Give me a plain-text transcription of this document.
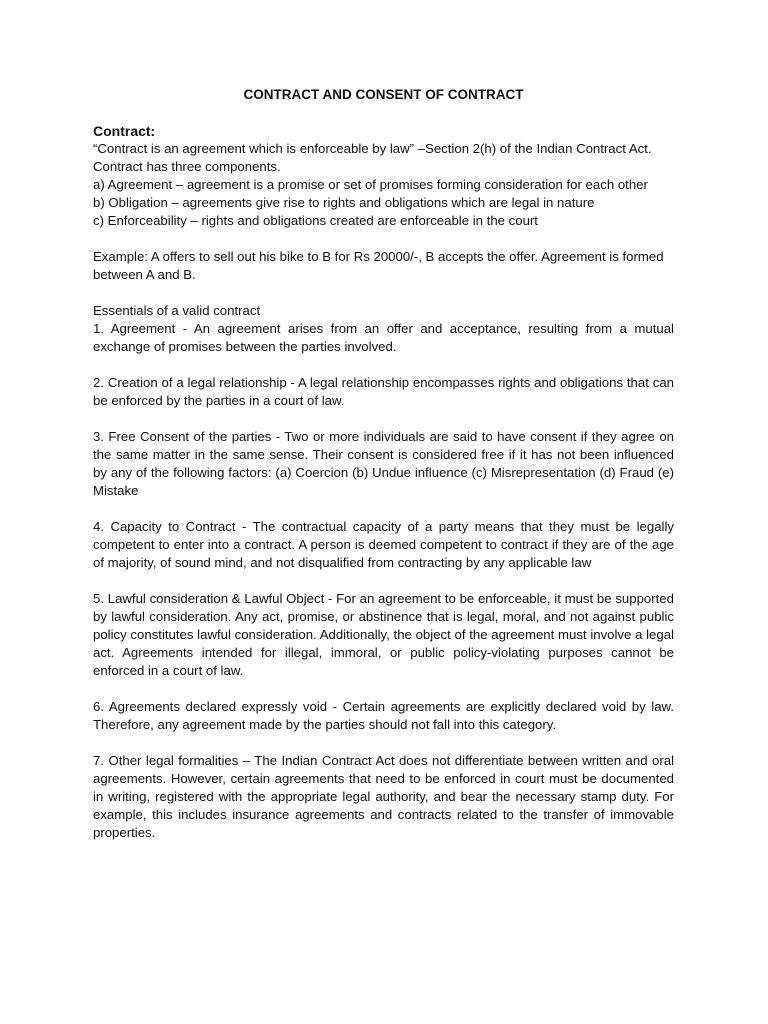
CONTRACT AND CONSENT OF CONTRACT

Contract:

“Contract is an agreement which is enforceable by law” –Section 2(h) of the Indian Contract Act.

Contract has three components.

a) Agreement – agreement is a promise or set of promises forming consideration for each other

b) Obligation – agreements give rise to rights and obligations which are legal in nature

c) Enforceability – rights and obligations created are enforceable in the court

Example: A offers to sell out his bike to B for Rs 20000/-, B accepts the offer. Agreement is formed between A and B.

Essentials of a valid contract

1. Agreement - An agreement arises from an offer and acceptance, resulting from a mutual exchange of promises between the parties involved.

2. Creation of a legal relationship - A legal relationship encompasses rights and obligations that can be enforced by the parties in a court of law.

3. Free Consent of the parties - Two or more individuals are said to have consent if they agree on the same matter in the same sense. Their consent is considered free if it has not been influenced by any of the following factors: (a) Coercion (b) Undue influence (c) Misrepresentation (d) Fraud (e) Mistake

4. Capacity to Contract - The contractual capacity of a party means that they must be legally competent to enter into a contract. A person is deemed competent to contract if they are of the age of majority, of sound mind, and not disqualified from contracting by any applicable law

5. Lawful consideration & Lawful Object - For an agreement to be enforceable, it must be supported by lawful consideration. Any act, promise, or abstinence that is legal, moral, and not against public policy constitutes lawful consideration. Additionally, the object of the agreement must involve a legal act. Agreements intended for illegal, immoral, or public policy-violating purposes cannot be enforced in a court of law.

6. Agreements declared expressly void - Certain agreements are explicitly declared void by law. Therefore, any agreement made by the parties should not fall into this category.

7. Other legal formalities – The Indian Contract Act does not differentiate between written and oral agreements. However, certain agreements that need to be enforced in court must be documented in writing, registered with the appropriate legal authority, and bear the necessary stamp duty. For example, this includes insurance agreements and contracts related to the transfer of immovable properties.
